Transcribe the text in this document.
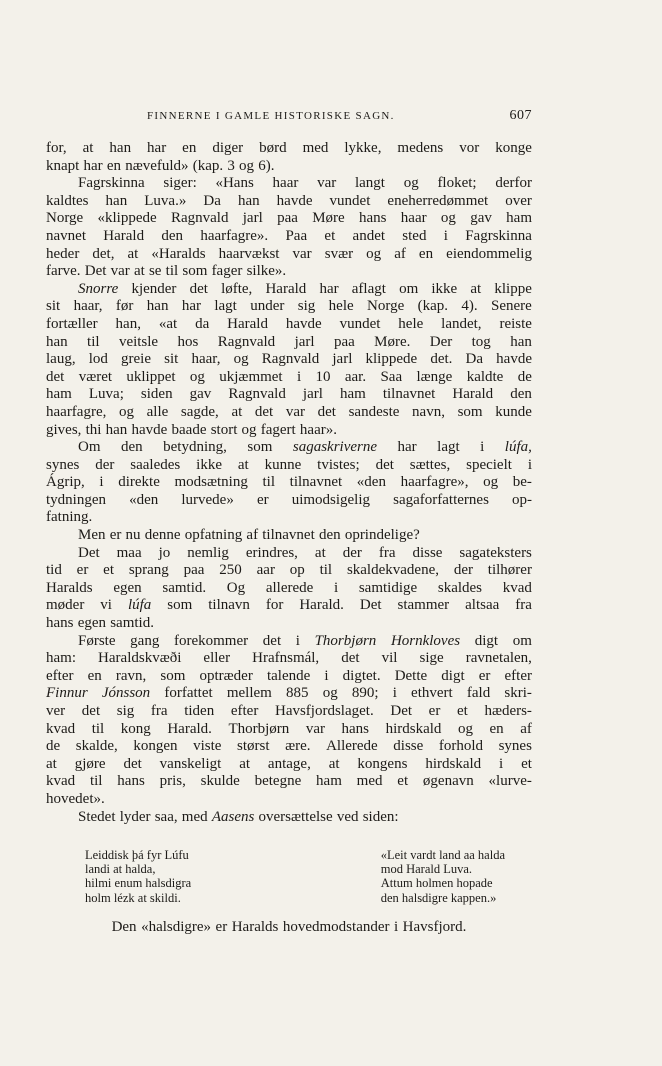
FINNERNE I GAMLE HISTORISKE SAGN.	607
for, at han har en diger børd med lykke, medens vor konge
knapt har en nævefuld» (kap. 3 og 6).
Fagrskinna siger: «Hans haar var langt og floket; derfor
kaldtes han Luva.» Da han havde vundet eneherredømmet over
Norge «klippede Ragnvald jarl paa Møre hans haar og gav ham
navnet Harald den haarfagre». Paa et andet sted i Fagrskinna
heder det, at «Haralds haarvækst var svær og af en eiendommelig
farve. Det var at se til som fager silke».
Snorre kjender det løfte, Harald har aflagt om ikke at klippe
sit haar, før han har lagt under sig hele Norge (kap. 4). Senere
fortæller han, «at da Harald havde vundet hele landet, reiste
han til veitsle hos Ragnvald jarl paa Møre. Der tog han
laug, lod greie sit haar, og Ragnvald jarl klippede det. Da havde
det været uklippet og ukjæmmet i 10 aar. Saa længe kaldte de
ham Luva; siden gav Ragnvald jarl ham tilnavnet Harald den
haarfagre, og alle sagde, at det var det sandeste navn, som kunde
gives, thi han havde baade stort og fagert haar».
Om den betydning, som sagaskriverne har lagt i lúfa,
synes der saaledes ikke at kunne tvistes; det sættes, specielt i
Ágrip, i direkte modsætning til tilnavnet «den haarfagre», og be-
tydningen «den lurvede» er uimodsigelig sagaforfatternes op-
fatning.
Men er nu denne opfatning af tilnavnet den oprindelige?
Det maa jo nemlig erindres, at der fra disse sagateksters
tid er et sprang paa 250 aar op til skaldekvadene, der tilhører
Haralds egen samtid. Og allerede i samtidige skaldes kvad
møder vi lúfa som tilnavn for Harald. Det stammer altsaa fra
hans egen samtid.
Første gang forekommer det i Thorbjørn Hornkloves digt om
ham: Haraldskvæði eller Hrafnsmál, det vil sige ravnetalen,
efter en ravn, som optræder talende i digtet. Dette digt er efter
Finnur Jónsson forfattet mellem 885 og 890; i ethvert fald skri-
ver det sig fra tiden efter Havsfjordslaget. Det er et hæders-
kvad til kong Harald. Thorbjørn var hans hirdskald og en af
de skalde, kongen viste størst ære. Allerede disse forhold synes
at gjøre det vanskeligt at antage, at kongens hirdskald i et
kvad til hans pris, skulde betegne ham med et øgenavn «lurve-
hovedet».
Stedet lyder saa, med Aasens oversættelse ved siden:
Leiddisk þá fyr Lúfu
landi at halda,
hilmi enum halsdigra
holm lézk at skildi.
«Leit vardt land aa halda
mod Harald Luva.
Attum holmen hopade
den halsdigre kappen.»
Den «halsdigre» er Haralds hovedmodstander i Havsfjord.
